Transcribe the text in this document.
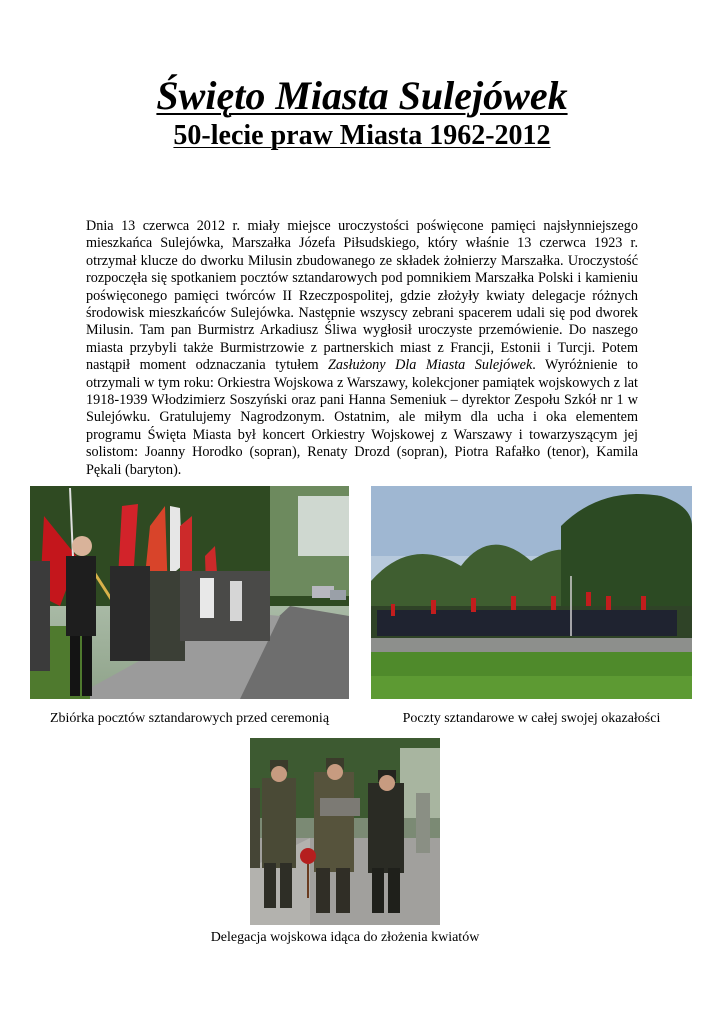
Święto Miasta Sulejówek
50-lecie praw Miasta 1962-2012

Dnia 13 czerwca 2012 r. miały miejsce uroczystości poświęcone pamięci najsłynniejszego mieszkańca Sulejówka, Marszałka Józefa Piłsudskiego, który właśnie 13 czerwca 1923 r. otrzymał klucze do dworku Milusin zbudowanego ze składek żołnierzy Marszałka. Uroczystość rozpoczęła się spotkaniem pocztów sztandarowych pod pomnikiem Marszałka Polski i kamieniu poświęconego pamięci twórców II Rzeczpospolitej, gdzie złożyły kwiaty delegacje różnych środowisk mieszkańców Sulejówka. Następnie wszyscy zebrani spacerem udali się pod dworek Milusin. Tam pan Burmistrz Arkadiusz Śliwa wygłosił uroczyste przemówienie. Do naszego miasta przybyli także Burmistrzowie z partnerskich miast z Francji, Estonii i Turcji. Potem nastąpił moment odznaczania tytułem Zasłużony Dla Miasta Sulejówek. Wyróżnienie to otrzymali w tym roku: Orkiestra Wojskowa z Warszawy, kolekcjoner pamiątek wojskowych z lat 1918-1939 Włodzimierz Soszyński oraz pani Hanna Semeniuk – dyrektor Zespołu Szkół nr 1 w Sulejówku. Gratulujemy Nagrodzonym. Ostatnim, ale miłym dla ucha i oka elementem programu Święta Miasta był koncert Orkiestry Wojskowej z Warszawy i towarzyszącym jej solistom: Joanny Horodko (sopran), Renaty Drozd (sopran), Piotra Rafałko (tenor), Kamila Pękali (baryton).

Zbiórka pocztów sztandarowych przed ceremonią	Poczty sztandarowe w całej swojej okazałości
Delegacja wojskowa idąca do złożenia kwiatów
